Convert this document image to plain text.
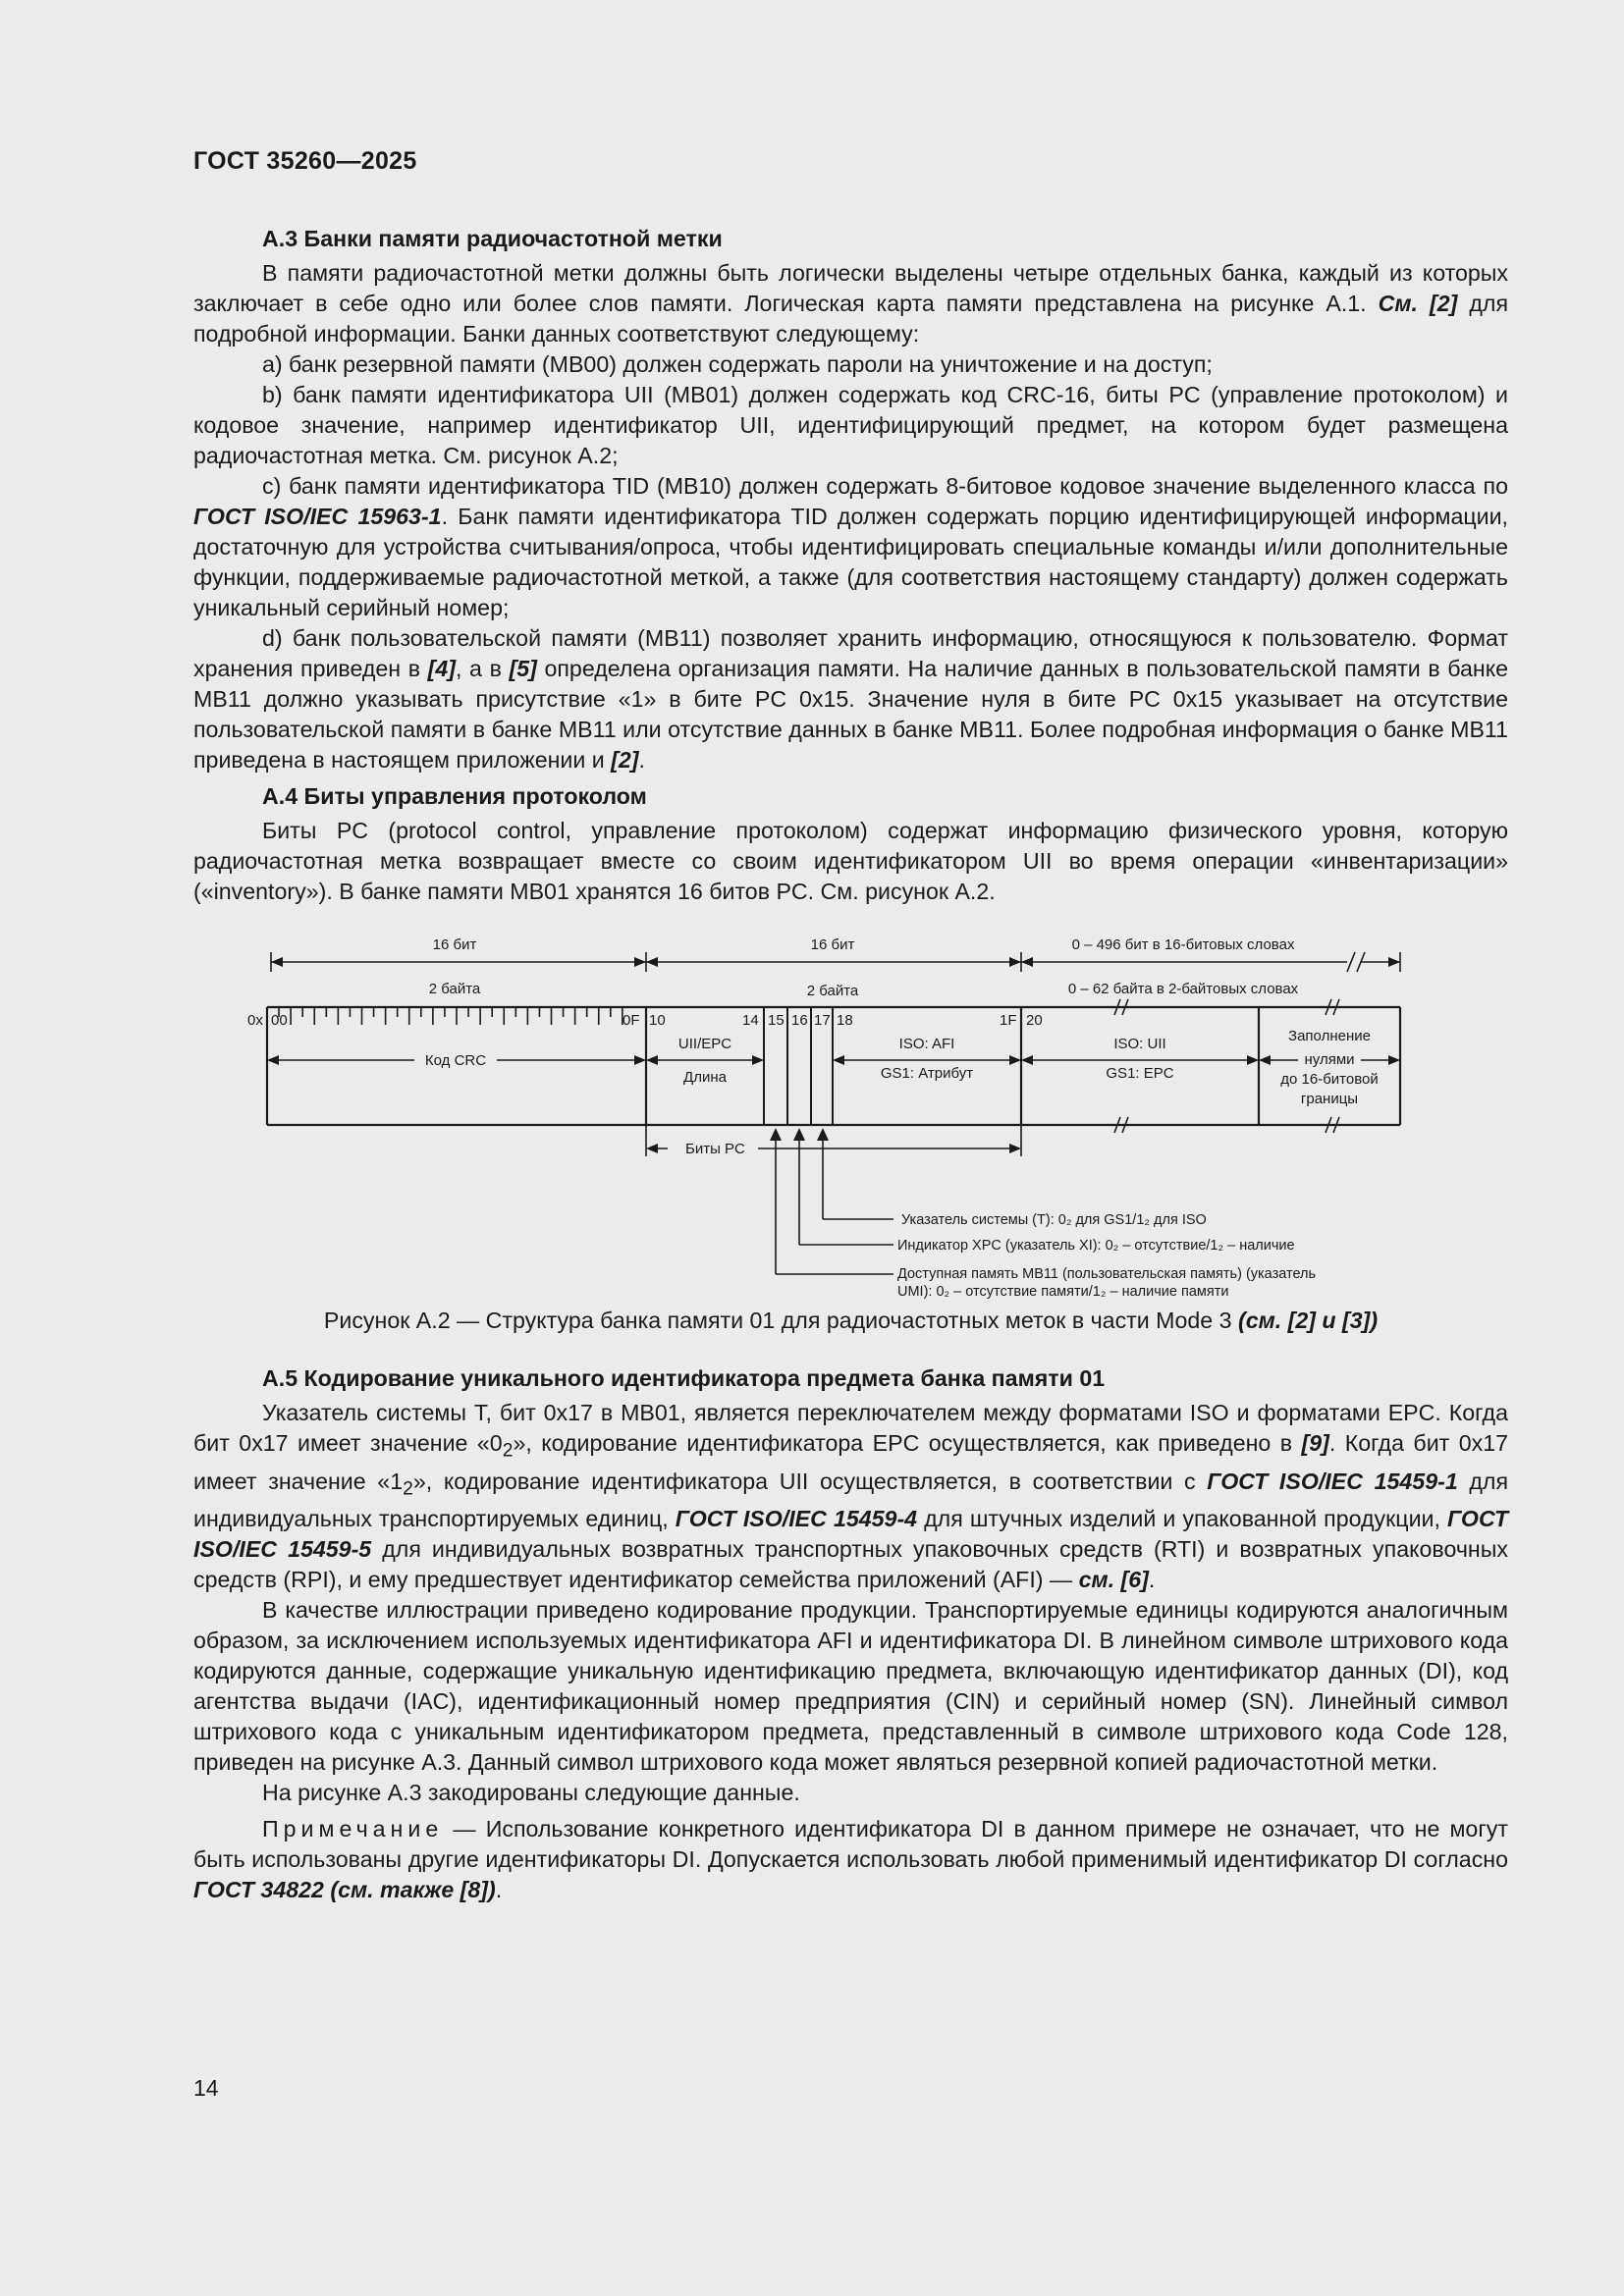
ГОСТ 35260—2025

А.3 Банки памяти радиочастотной метки

В памяти радиочастотной метки должны быть логически выделены четыре отдельных банка, каждый из которых заключает в себе одно или более слов памяти. Логическая карта памяти представлена на рисунке А.1. См. [2] для подробной информации. Банки данных соответствуют следующему:

а) банк резервной памяти (МВ00) должен содержать пароли на уничтожение и на доступ;

b) банк памяти идентификатора UII (МВ01) должен содержать код CRC-16, биты PC (управление протоколом) и кодовое значение, например идентификатор UII, идентифицирующий предмет, на котором будет размещена радиочастотная метка. См. рисунок А.2;

c) банк памяти идентификатора TID (МВ10) должен содержать 8-битовое кодовое значение выделенного класса по ГОСТ ISO/IEC 15963-1. Банк памяти идентификатора TID должен содержать порцию идентифицирующей информации, достаточную для устройства считывания/опроса, чтобы идентифицировать специальные команды и/или дополнительные функции, поддерживаемые радиочастотной меткой, а также (для соответствия настоящему стандарту) должен содержать уникальный серийный номер;

d) банк пользовательской памяти (МВ11) позволяет хранить информацию, относящуюся к пользователю. Формат хранения приведен в [4], а в [5] определена организация памяти. На наличие данных в пользовательской памяти в банке МВ11 должно указывать присутствие «1» в бите PC 0x15. Значение нуля в бите PC 0x15 указывает на отсутствие пользовательской памяти в банке МВ11 или отсутствие данных в банке МВ11. Более подробная информация о банке МВ11 приведена в настоящем приложении и [2].

А.4 Биты управления протоколом

Биты PC (protocol control, управление протоколом) содержат информацию физического уровня, которую радиочастотная метка возвращает вместе со своим идентификатором UII во время операции «инвентаризации» («inventory»). В банке памяти МВ01 хранятся 16 битов PC. См. рисунок А.2.

16 бит
2 байта
16 бит
2 байта
0 – 496 бит в 16-битовых словах
0 – 62 байта в 2-байтовых словах
0x 00	0F 10	14 15 16 17 18	1F 20
Код CRC
UII/EPC
Длина
ISO: AFI
GS1: Атрибут
ISO: UII
GS1: EPC
Заполнение
нулями
до 16-битовой
границы
Биты PC
Указатель системы (T): 0₂ для GS1/1₂ для ISO
Индикатор XPC (указатель XI): 0₂ – отсутствие/1₂ – наличие
Доступная память МВ11 (пользовательская память) (указатель
UMI): 0₂ – отсутствие памяти/1₂ – наличие памяти

Рисунок А.2 — Структура банка памяти 01 для радиочастотных меток в части Mode 3 (см. [2] и [3])

А.5 Кодирование уникального идентификатора предмета банка памяти 01

Указатель системы T, бит 0x17 в МВ01, является переключателем между форматами ISO и форматами EPC. Когда бит 0x17 имеет значение «$0_2$», кодирование идентификатора EPC осуществляется, как приведено в [9]. Когда бит 0x17 имеет значение «$1_2$», кодирование идентификатора UII осуществляется, в соответствии с ГОСТ ISO/IEC 15459-1 для индивидуальных транспортируемых единиц, ГОСТ ISO/IEC 15459-4 для штучных изделий и упакованной продукции, ГОСТ ISO/IEC 15459-5 для индивидуальных возвратных транспортных упаковочных средств (RTI) и возвратных упаковочных средств (RPI), и ему предшествует идентификатор семейства приложений (AFI) — см. [6].

В качестве иллюстрации приведено кодирование продукции. Транспортируемые единицы кодируются аналогичным образом, за исключением используемых идентификатора AFI и идентификатора DI. В линейном символе штрихового кода кодируются данные, содержащие уникальную идентификацию предмета, включающую идентификатор данных (DI), код агентства выдачи (IAC), идентификационный номер предприятия (CIN) и серийный номер (SN). Линейный символ штрихового кода с уникальным идентификатором предмета, представленный в символе штрихового кода Code 128, приведен на рисунке А.3. Данный символ штрихового кода может являться резервной копией радиочастотной метки.

На рисунке А.3 закодированы следующие данные.

Примечание — Использование конкретного идентификатора DI в данном примере не означает, что не могут быть использованы другие идентификаторы DI. Допускается использовать любой применимый идентификатор DI согласно ГОСТ 34822 (см. также [8]).

14
